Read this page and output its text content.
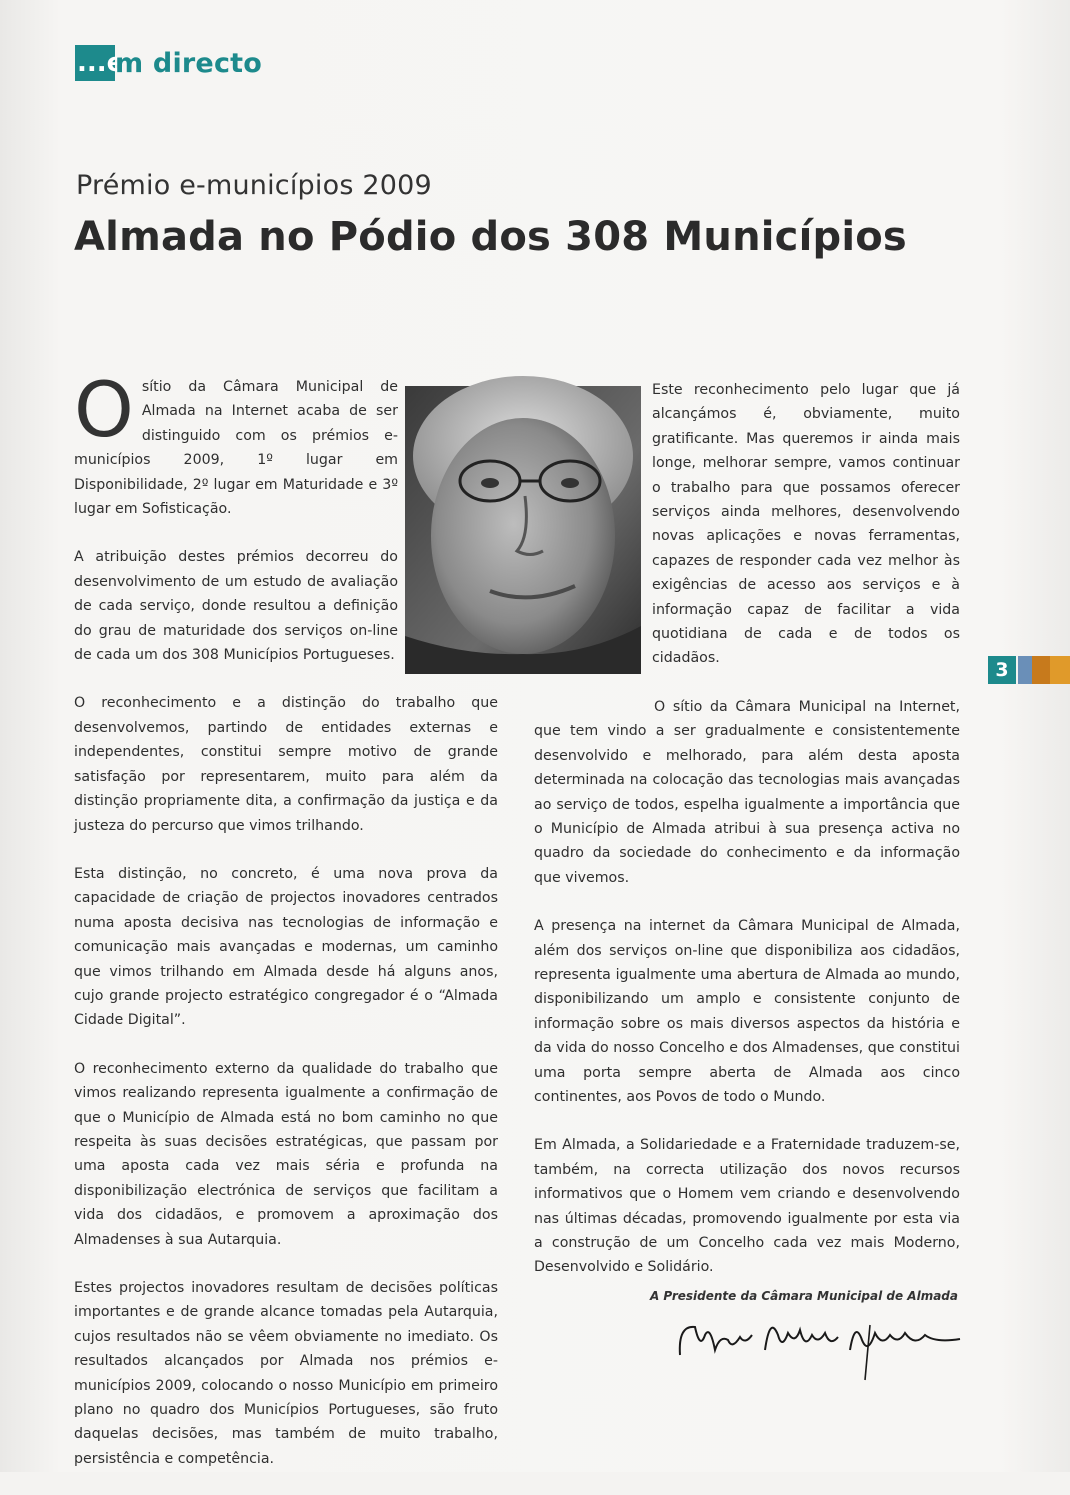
...e
m directo
Prémio e-municípios 2009
Almada no Pódio dos 308 Municípios

O sítio da Câmara Municipal de Almada na Internet acaba de ser distinguido com os prémios e-municípios 2009, 1º lugar em Disponibilidade, 2º lugar em Maturidade e 3º lugar em Sofisticação.

A atribuição destes prémios decorreu do desenvolvimento de um estudo de avaliação de cada serviço, donde resultou a definição do grau de maturidade dos serviços on-line de cada um dos 308 Municípios Portugueses.

O reconhecimento e a distinção do trabalho que desenvolvemos, partindo de entidades externas e independentes, constitui sempre motivo de grande satisfação por representarem, muito para além da distinção propriamente dita, a confirmação da justiça e da justeza do percurso que vimos trilhando.

Esta distinção, no concreto, é uma nova prova da capacidade de criação de projectos inovadores centrados numa aposta decisiva nas tecnologias de informação e comunicação mais avançadas e modernas, um caminho que vimos trilhando em Almada desde há alguns anos, cujo grande projecto estratégico congregador é o “Almada Cidade Digital”.

O reconhecimento externo da qualidade do trabalho que vimos realizando representa igualmente a confirmação de que o Município de Almada está no bom caminho no que respeita às suas decisões estratégicas, que passam por uma aposta cada vez mais séria e profunda na disponibilização electrónica de serviços que facilitam a vida dos cidadãos, e promovem a aproximação dos Almadenses à sua Autarquia.

Estes projectos inovadores resultam de decisões políticas importantes e de grande alcance tomadas pela Autarquia, cujos resultados não se vêem obviamente no imediato. Os resultados alcançados por Almada nos prémios e-municípios 2009, colocando o nosso Município em primeiro plano no quadro dos Municípios Portugueses, são fruto daquelas decisões, mas também de muito trabalho, persistência e competência.

Este reconhecimento pelo lugar que já alcançámos é, obviamente, muito gratificante. Mas queremos ir ainda mais longe, melhorar sempre, vamos continuar o trabalho para que possamos oferecer serviços ainda melhores, desenvolvendo novas aplicações e novas ferramentas, capazes de responder cada vez melhor às exigências de acesso aos serviços e à informação capaz de facilitar a vida quotidiana de cada e de todos os cidadãos.

O sítio da Câmara Municipal na Internet, que tem vindo a ser gradualmente e consistentemente desenvolvido e melhorado, para além desta aposta determinada na colocação das tecnologias mais avançadas ao serviço de todos, espelha igualmente a importância que o Município de Almada atribui à sua presença activa no quadro da sociedade do conhecimento e da informação que vivemos.

A presença na internet da Câmara Municipal de Almada, além dos serviços on-line que disponibiliza aos cidadãos, representa igualmente uma abertura de Almada ao mundo, disponibilizando um amplo e consistente conjunto de informação sobre os mais diversos aspectos da história e da vida do nosso Concelho e dos Almadenses, que constitui uma porta sempre aberta de Almada aos cinco continentes, aos Povos de todo o Mundo.

Em Almada, a Solidariedade e a Fraternidade traduzem-se, também, na correcta utilização dos novos recursos informativos que o Homem vem criando e desenvolvendo nas últimas décadas, promovendo igualmente por esta via a construção de um Concelho cada vez mais Moderno, Desenvolvido e Solidário.

3
A Presidente da Câmara Municipal de Almada
